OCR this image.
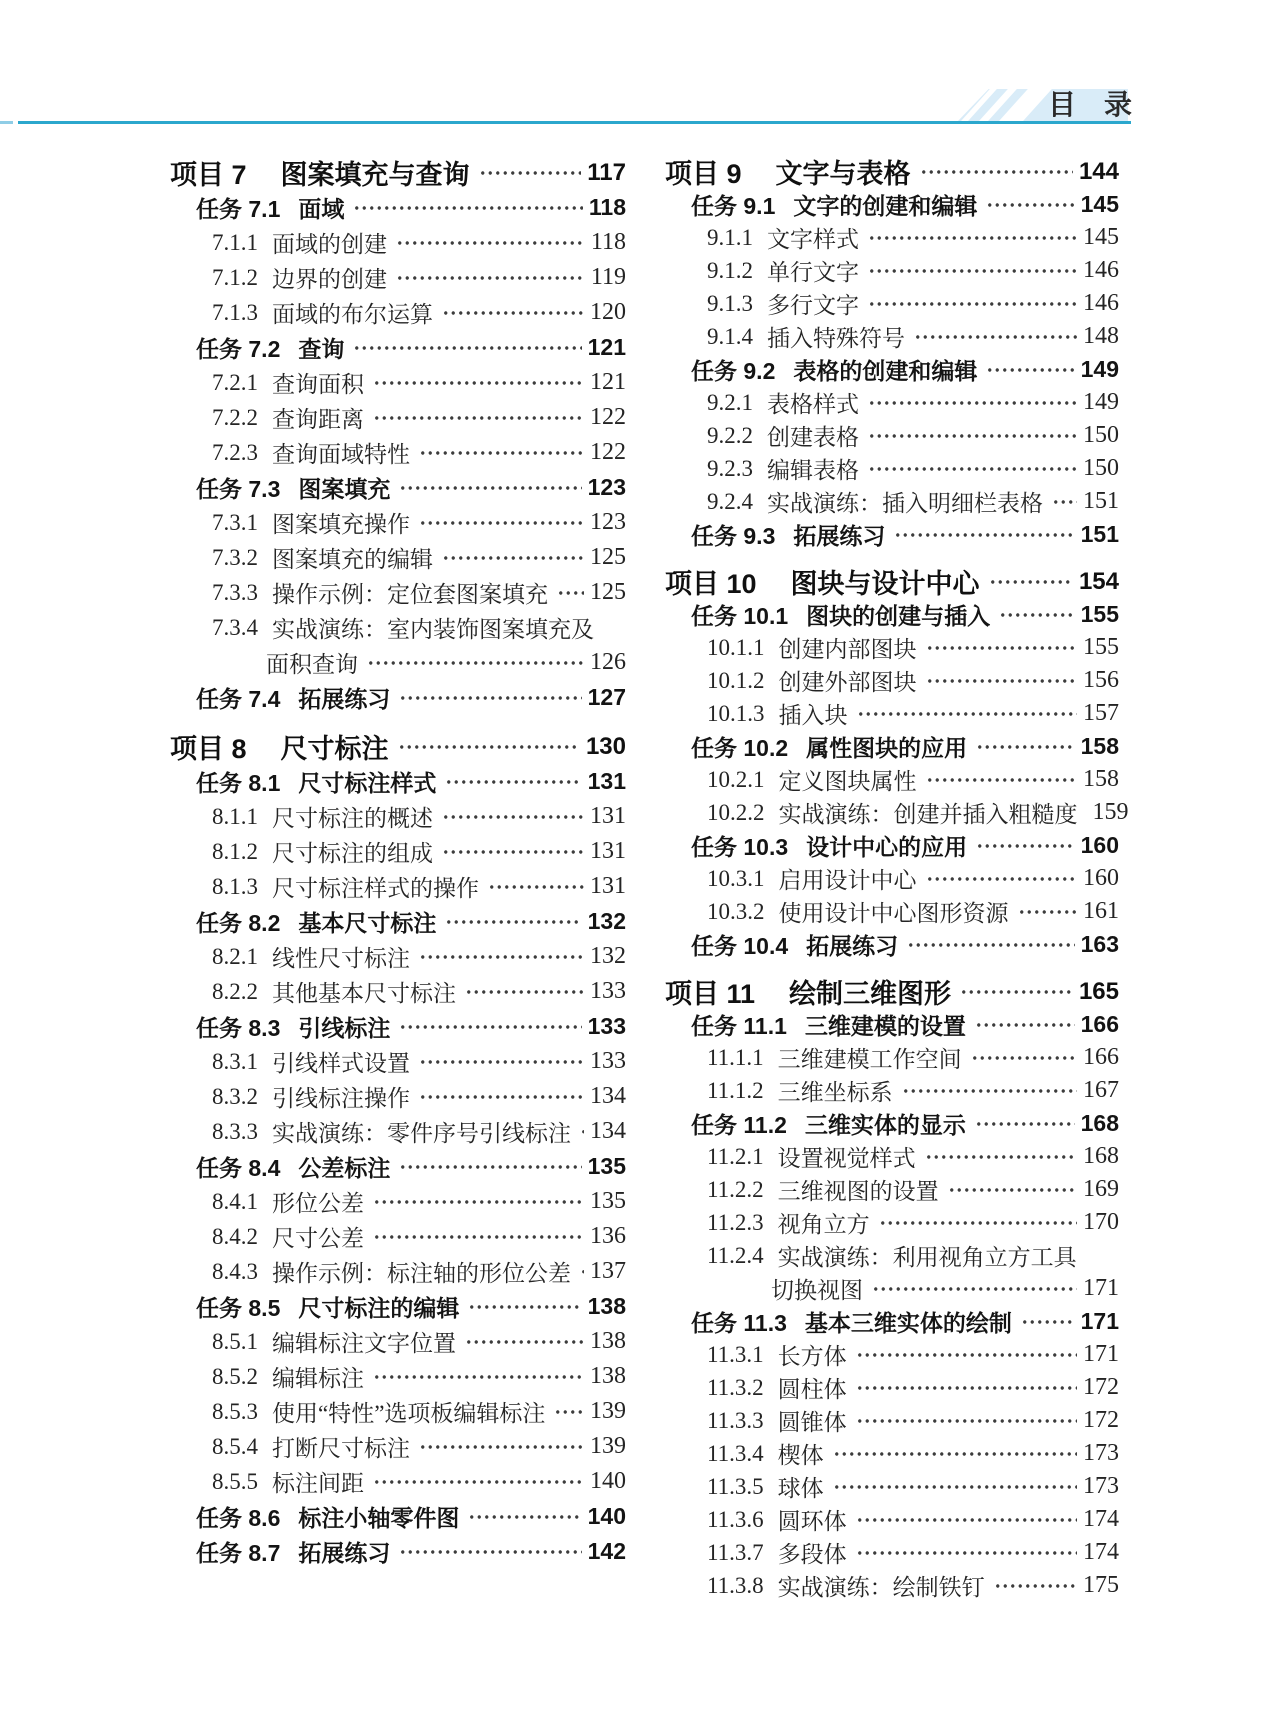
目　录
项目 7 图案填充与查询	117
任务 7.1 面域	118
7.1.1 面域的创建	118
7.1.2 边界的创建	119
7.1.3 面域的布尔运算	120
任务 7.2 查询	121
7.2.1 查询面积	121
7.2.2 查询距离	122
7.2.3 查询面域特性	122
任务 7.3 图案填充	123
7.3.1 图案填充操作	123
7.3.2 图案填充的编辑	125
7.3.3 操作示例：定位套图案填充 125
7.3.4 实战演练：室内装饰图案填充及
面积查询	126
任务 7.4 拓展练习	127
项目 8 尺寸标注	130
任务 8.1 尺寸标注样式	131
8.1.1 尺寸标注的概述	131
8.1.2 尺寸标注的组成	131
8.1.3 尺寸标注样式的操作	131
任务 8.2 基本尺寸标注	132
8.2.1 线性尺寸标注	132
8.2.2 其他基本尺寸标注	133
任务 8.3 引线标注	133
8.3.1 引线样式设置	133
8.3.2 引线标注操作	134
8.3.3 实战演练：零件序号引线标注 134
任务 8.4 公差标注	135
8.4.1 形位公差	135
8.4.2 尺寸公差	136
8.4.3 操作示例：标注轴的形位公差 137
任务 8.5 尺寸标注的编辑	138
8.5.1 编辑标注文字位置	138
8.5.2 编辑标注	138
8.5.3 使用“特性”选项板编辑标注 139
8.5.4 打断尺寸标注	139
8.5.5 标注间距	140
任务 8.6 标注小轴零件图	140
任务 8.7 拓展练习	142
项目 9 文字与表格	144
任务 9.1 文字的创建和编辑	145
9.1.1 文字样式	145
9.1.2 单行文字	146
9.1.3 多行文字	146
9.1.4 插入特殊符号	148
任务 9.2 表格的创建和编辑	149
9.2.1 表格样式	149
9.2.2 创建表格	150
9.2.3 编辑表格	150
9.2.4 实战演练：插入明细栏表格 151
任务 9.3 拓展练习	151
项目 10 图块与设计中心	154
任务 10.1 图块的创建与插入	155
10.1.1 创建内部图块	155
10.1.2 创建外部图块	156
10.1.3 插入块	157
任务 10.2 属性图块的应用	158
10.2.1 定义图块属性	158
10.2.2 实战演练：创建并插入粗糙度 159
任务 10.3 设计中心的应用	160
10.3.1 启用设计中心	160
10.3.2 使用设计中心图形资源	161
任务 10.4 拓展练习	163
项目 11 绘制三维图形	165
任务 11.1 三维建模的设置	166
11.1.1 三维建模工作空间	166
11.1.2 三维坐标系	167
任务 11.2 三维实体的显示	168
11.2.1 设置视觉样式	168
11.2.2 三维视图的设置	169
11.2.3 视角立方	170
11.2.4 实战演练：利用视角立方工具
切换视图	171
任务 11.3 基本三维实体的绘制	171
11.3.1 长方体	171
11.3.2 圆柱体	172
11.3.3 圆锥体	172
11.3.4 楔体	173
11.3.5 球体	173
11.3.6 圆环体	174
11.3.7 多段体	174
11.3.8 实战演练：绘制铁钉	175
